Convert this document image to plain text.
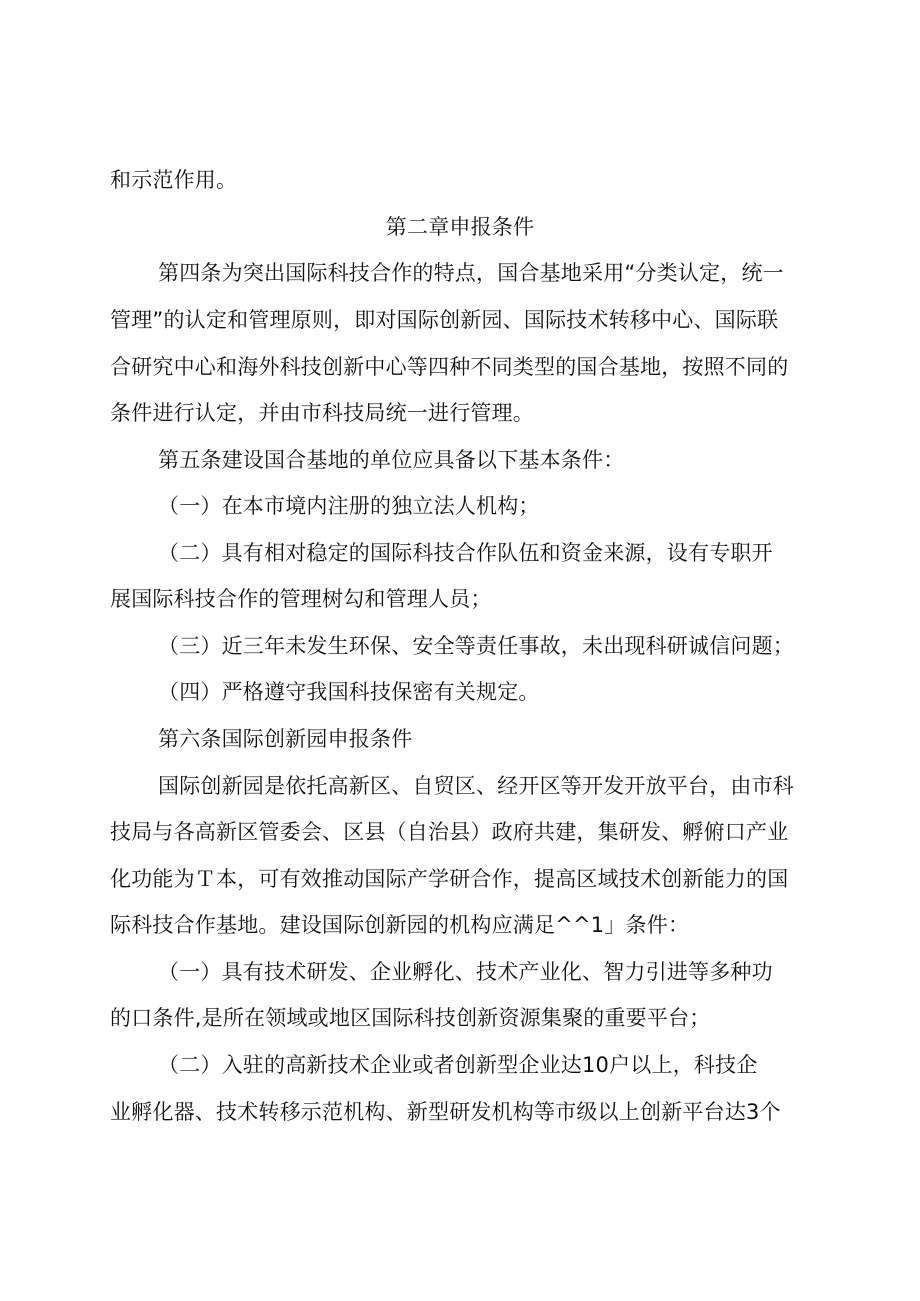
和示范作用。
第二章申报条件
第四条为突出国际科技合作的特点，国合基地采用“分类认定，统一
管理”的认定和管理原则，即对国际创新园、国际技术转移中心、国际联
合研究中心和海外科技创新中心等四种不同类型的国合基地，按照不同的
条件进行认定，并由市科技局统一进行管理。
第五条建设国合基地的单位应具备以下基本条件：
（一）在本市境内注册的独立法人机构；
（二）具有相对稳定的国际科技合作队伍和资金来源，设有专职开
展国际科技合作的管理树勾和管理人员；
（三）近三年未发生环保、安全等责任事故，未出现科研诚信问题；
（四）严格遵守我国科技保密有关规定。
第六条国际创新园申报条件
国际创新园是依托高新区、自贸区、经开区等开发开放平台，由市科
技局与各高新区管委会、区县（自治县）政府共建，集研发、孵俯口产业
化功能为Ｔ本，可有效推动国际产学研合作，提高区域技术创新能力的国
际科技合作基地。建设国际创新园的机构应满足^^1」条件：
（一）具有技术研发、企业孵化、技术产业化、智力引进等多种功
的口条件,是所在领域或地区国际科技创新资源集聚的重要平台；
（二）入驻的高新技术企业或者创新型企业达10户以上，科技企
业孵化器、技术转移示范机构、新型研发机构等市级以上创新平台达3个
